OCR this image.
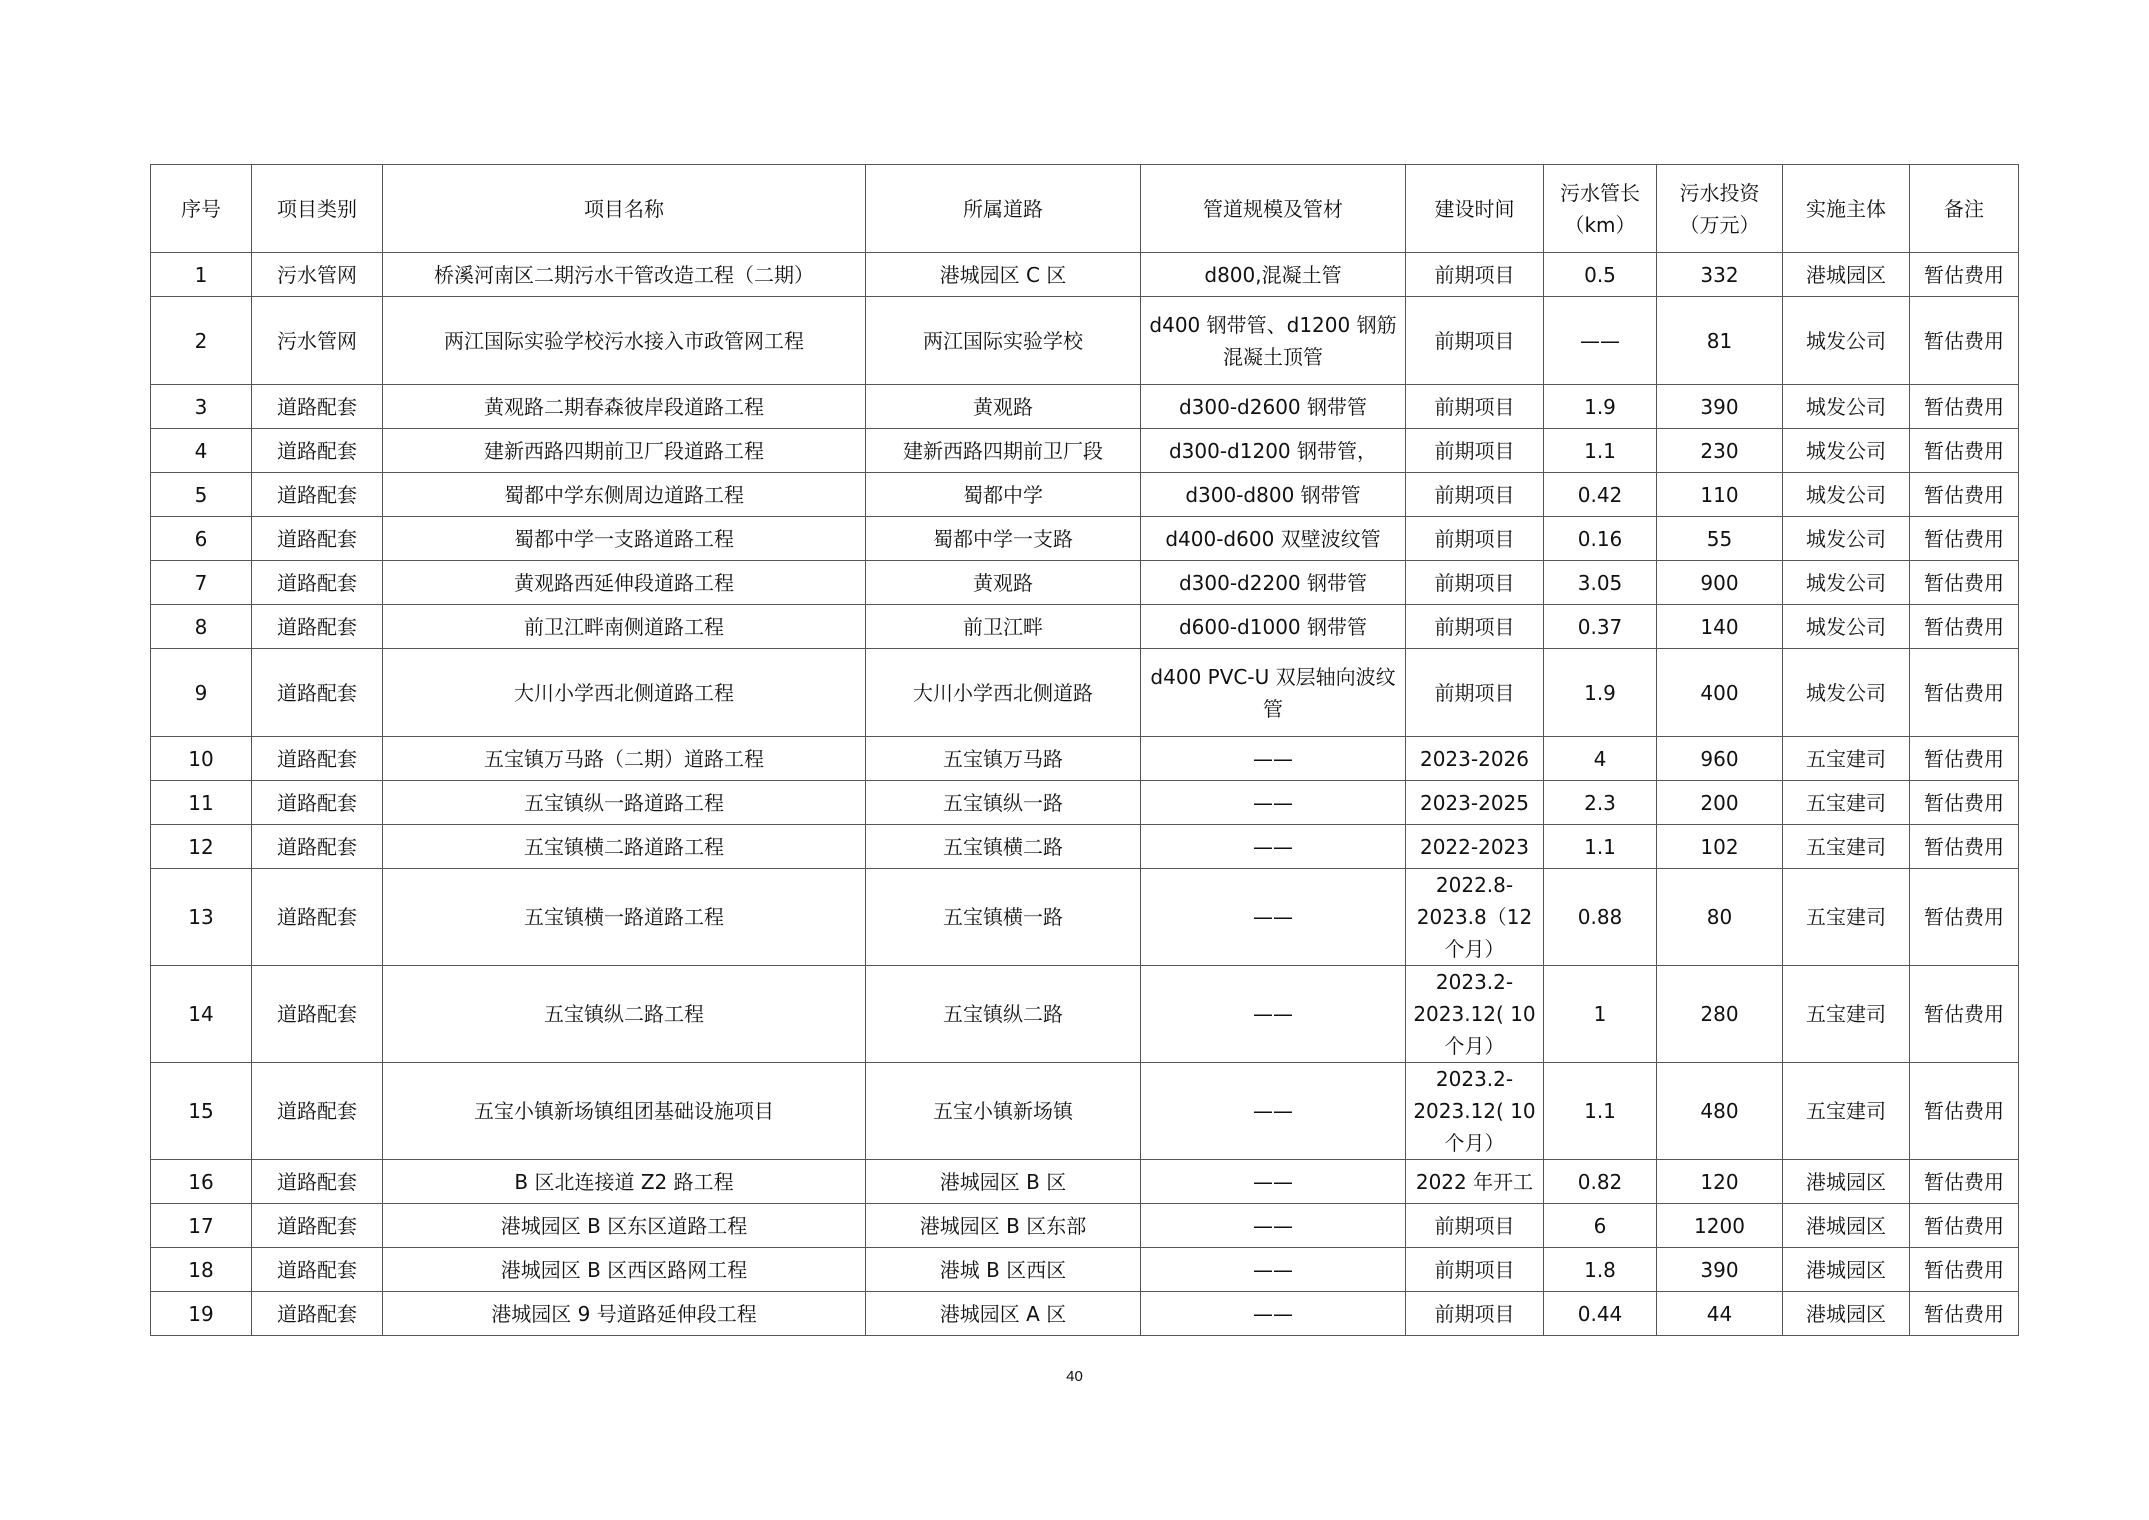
序号	项目类别	项目名称	所属道路	管道规模及管材	建设时间	污水管长（km）	污水投资（万元）	实施主体	备注
1	污水管网	桥溪河南区二期污水干管改造工程（二期）	港城园区 C 区	d800,混凝土管	前期项目	0.5	332	港城园区	暂估费用
2	污水管网	两江国际实验学校污水接入市政管网工程	两江国际实验学校	d400 钢带管、d1200 钢筋混凝土顶管	前期项目	——	81	城发公司	暂估费用
3	道路配套	黄观路二期春森彼岸段道路工程	黄观路	d300-d2600 钢带管	前期项目	1.9	390	城发公司	暂估费用
4	道路配套	建新西路四期前卫厂段道路工程	建新西路四期前卫厂段	d300-d1200 钢带管，	前期项目	1.1	230	城发公司	暂估费用
5	道路配套	蜀都中学东侧周边道路工程	蜀都中学	d300-d800 钢带管	前期项目	0.42	110	城发公司	暂估费用
6	道路配套	蜀都中学一支路道路工程	蜀都中学一支路	d400-d600 双壁波纹管	前期项目	0.16	55	城发公司	暂估费用
7	道路配套	黄观路西延伸段道路工程	黄观路	d300-d2200 钢带管	前期项目	3.05	900	城发公司	暂估费用
8	道路配套	前卫江畔南侧道路工程	前卫江畔	d600-d1000 钢带管	前期项目	0.37	140	城发公司	暂估费用
9	道路配套	大川小学西北侧道路工程	大川小学西北侧道路	d400 PVC-U 双层轴向波纹管	前期项目	1.9	400	城发公司	暂估费用
10	道路配套	五宝镇万马路（二期）道路工程	五宝镇万马路	——	2023-2026	4	960	五宝建司	暂估费用
11	道路配套	五宝镇纵一路道路工程	五宝镇纵一路	——	2023-2025	2.3	200	五宝建司	暂估费用
12	道路配套	五宝镇横二路道路工程	五宝镇横二路	——	2022-2023	1.1	102	五宝建司	暂估费用
13	道路配套	五宝镇横一路道路工程	五宝镇横一路	——	2022.8-2023.8（12 个月）	0.88	80	五宝建司	暂估费用
14	道路配套	五宝镇纵二路工程	五宝镇纵二路	——	2023.2-2023.12( 10 个月）	1	280	五宝建司	暂估费用
15	道路配套	五宝小镇新场镇组团基础设施项目	五宝小镇新场镇	——	2023.2-2023.12( 10 个月）	1.1	480	五宝建司	暂估费用
16	道路配套	B 区北连接道 Z2 路工程	港城园区 B 区	——	2022 年开工	0.82	120	港城园区	暂估费用
17	道路配套	港城园区 B 区东区道路工程	港城园区 B 区东部	——	前期项目	6	1200	港城园区	暂估费用
18	道路配套	港城园区 B 区西区路网工程	港城 B 区西区	——	前期项目	1.8	390	港城园区	暂估费用
19	道路配套	港城园区 9 号道路延伸段工程	港城园区 A 区	——	前期项目	0.44	44	港城园区	暂估费用
40
